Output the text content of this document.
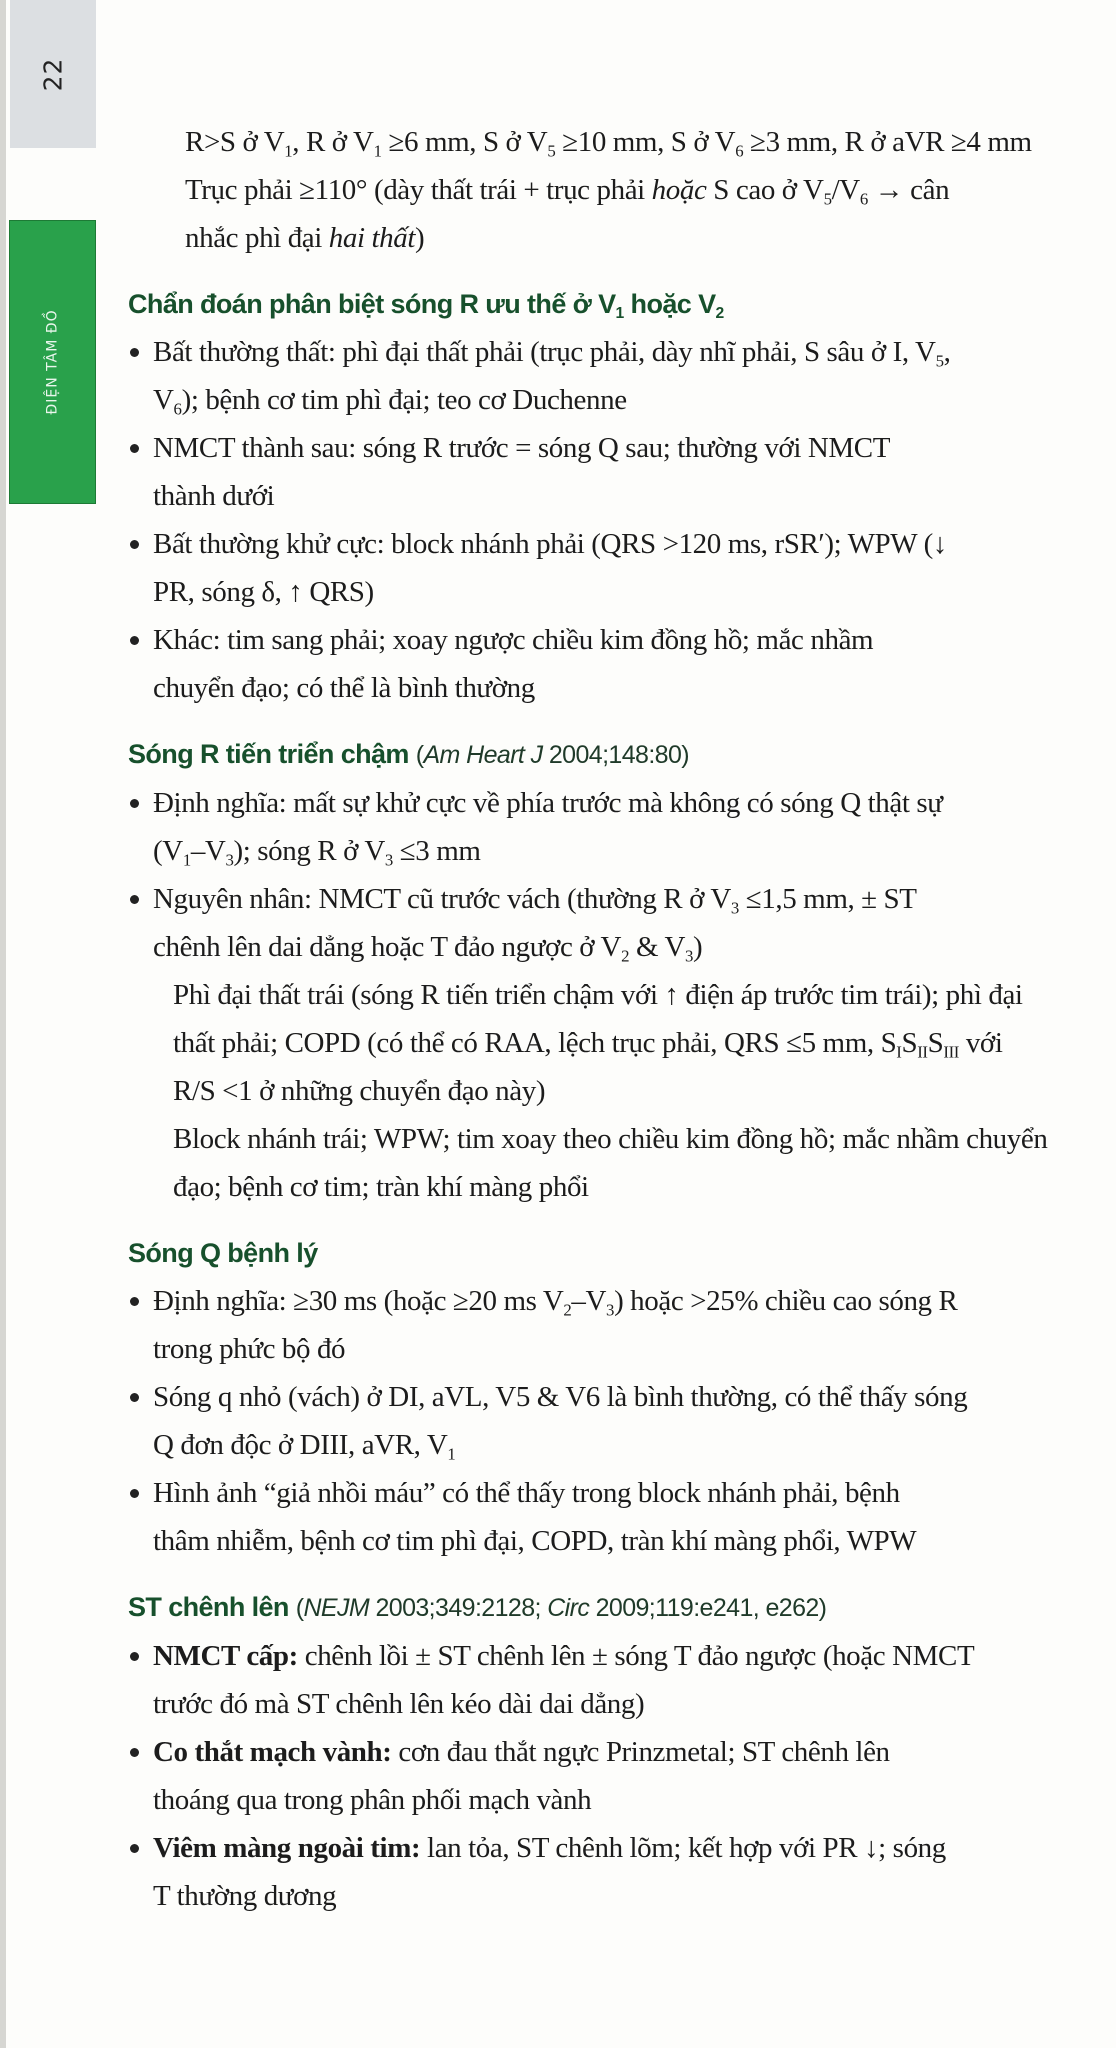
22
ĐIỆN TÂM ĐỒ

R>S ở $V_1$, R ở $V_1 \ge 6$ mm, S ở $V_5 \ge 10$ mm, S ở $V_6 \ge 3$ mm, R ở aVR ≥4 mm

Trục phải ≥110° (dày thất trái + trục phải hoặc S cao ở $V_5/V_6$ → cân

nhắc phì đại hai thất)

Chẩn đoán phân biệt sóng R ưu thế ở $V_1$ hoặc $V_2$
Bất thường thất: phì đại thất phải (trục phải, dày nhĩ phải, S sâu ở I, $V_5$,
$V_6$); bệnh cơ tim phì đại; teo cơ Duchenne
NMCT thành sau: sóng R trước = sóng Q sau; thường với NMCT
thành dưới
Bất thường khử cực: block nhánh phải (QRS >120 ms, rSR′); WPW (↓
PR, sóng δ, ↑ QRS)
Khác: tim sang phải; xoay ngược chiều kim đồng hồ; mắc nhầm
chuyển đạo; có thể là bình thường
Sóng R tiến triển chậm (Am Heart J 2004;148:80)
Định nghĩa: mất sự khử cực về phía trước mà không có sóng Q thật sự
$(V_1-V_3)$; sóng R ở $V_3 \le 3$ mm
Nguyên nhân: NMCT cũ trước vách (thường R ở $V_3 \le 1,5$ mm, ± ST
chênh lên dai dẳng hoặc T đảo ngược ở $V_2$ & $V_3$)
Phì đại thất trái (sóng R tiến triển chậm với ↑ điện áp trước tim trái); phì đại thất phải; COPD (có thể có RAA, lệch trục phải, QRS ≤5 mm, $S_IS_{II}S_{III}$ với R/S <1 ở những chuyển đạo này)
Block nhánh trái; WPW; tim xoay theo chiều kim đồng hồ; mắc nhầm chuyển đạo; bệnh cơ tim; tràn khí màng phổi
Sóng Q bệnh lý
Định nghĩa: ≥30 ms (hoặc ≥20 ms $V_2-V_3$) hoặc >25% chiều cao sóng R
trong phức bộ đó
Sóng q nhỏ (vách) ở DI, aVL, V5 & V6 là bình thường, có thể thấy sóng
Q đơn độc ở DIII, aVR, $V_1$
Hình ảnh “giả nhồi máu” có thể thấy trong block nhánh phải, bệnh
thâm nhiễm, bệnh cơ tim phì đại, COPD, tràn khí màng phổi, WPW
ST chênh lên (NEJM 2003;349:2128; Circ 2009;119:e241, e262)
NMCT cấp: chênh lồi ± ST chênh lên ± sóng T đảo ngược (hoặc NMCT
trước đó mà ST chênh lên kéo dài dai dẳng)
Co thắt mạch vành: cơn đau thắt ngực Prinzmetal; ST chênh lên
thoáng qua trong phân phối mạch vành
Viêm màng ngoài tim: lan tỏa, ST chênh lõm; kết hợp với PR ↓; sóng
T thường dương
